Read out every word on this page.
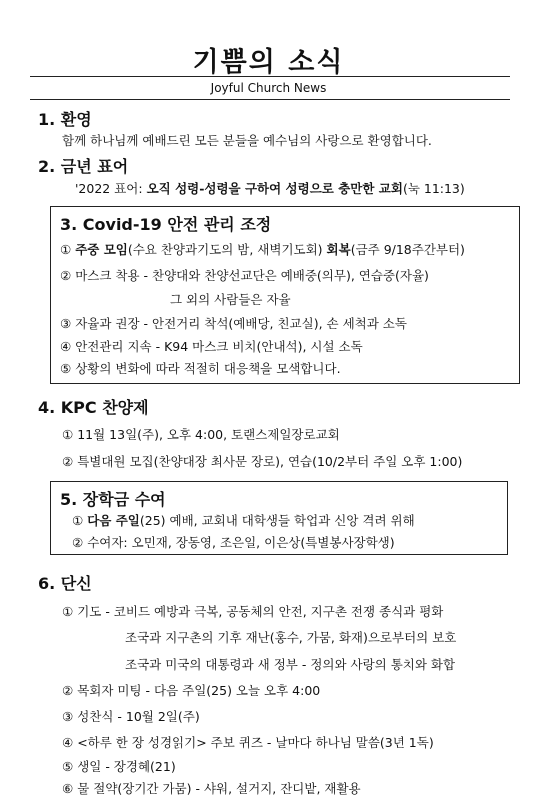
기쁨의 소식
Joyful Church News
1. 환영
함께 하나님께 예배드린 모든 분들을 예수님의 사랑으로 환영합니다.
2. 금년 표어
'2022 표어: 오직 성령-성령을 구하여 성령으로 충만한 교회(눅 11:13)
3. Covid-19 안전 관리 조정
① 주중 모임(수요 찬양과기도의 밤, 새벽기도회) 회복(금주 9/18주간부터)
② 마스크 착용 - 찬양대와 찬양선교단은 예배중(의무), 연습중(자율)
그 외의 사람들은 자율
③ 자율과 권장 - 안전거리 착석(예배당, 친교실), 손 세척과 소독
④ 안전관리 지속 - K94 마스크 비치(안내석), 시설 소독
⑤ 상황의 변화에 따라 적절히 대응책을 모색합니다.
4. KPC 찬양제
① 11월 13일(주), 오후 4:00, 토랜스제일장로교회
② 특별대원 모집(찬양대장 최사문 장로), 연습(10/2부터 주일 오후 1:00)
5. 장학금 수여
① 다음 주일(25) 예배, 교회내 대학생들 학업과 신앙 격려 위해
② 수여자: 오민재, 장동영, 조은일, 이은상(특별봉사장학생)
6. 단신
① 기도 - 코비드 예방과 극복, 공동체의 안전, 지구촌 전쟁 종식과 평화
조국과 지구촌의 기후 재난(홍수, 가뭄, 화재)으로부터의 보호
조국과 미국의 대통령과 새 정부 - 정의와 사랑의 통치와 화합
② 목회자 미팅 - 다음 주일(25) 오늘 오후 4:00
③ 성찬식 - 10월 2일(주)
④ <하루 한 장 성경읽기> 주보 퀴즈 - 날마다 하나님 말씀(3년 1독)
⑤ 생일 - 장경혜(21)
⑥ 물 절약(장기간 가뭄) - 샤워, 설거지, 잔디밭, 재활용
